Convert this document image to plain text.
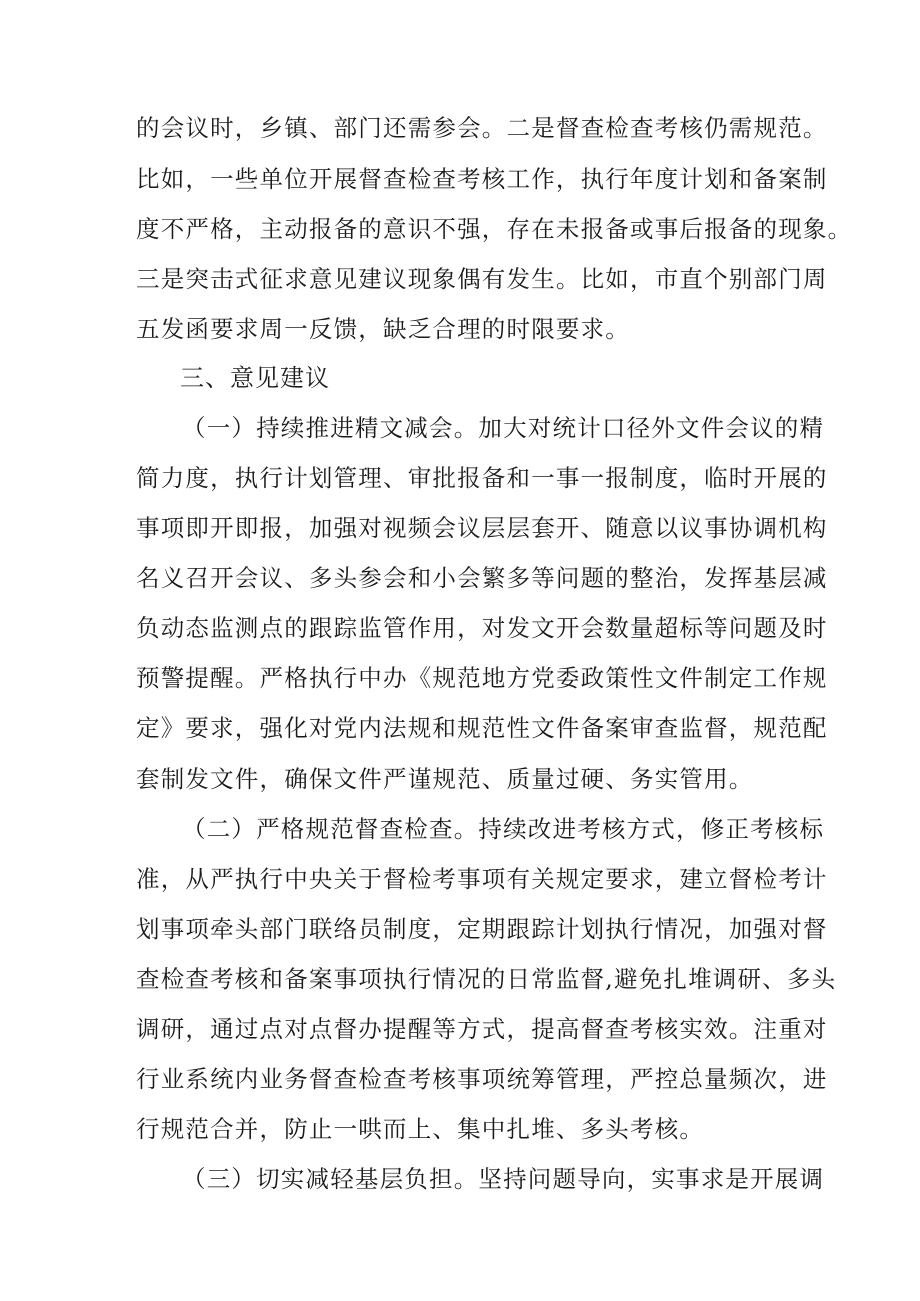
的会议时，乡镇、部门还需参会。二是督查检查考核仍需规范。
比如，一些单位开展督查检查考核工作，执行年度计划和备案制
度不严格，主动报备的意识不强，存在未报备或事后报备的现象。
三是突击式征求意见建议现象偶有发生。比如，市直个别部门周
五发函要求周一反馈，缺乏合理的时限要求。
三、意见建议
（一）持续推进精文减会。加大对统计口径外文件会议的精
简力度，执行计划管理、审批报备和一事一报制度，临时开展的
事项即开即报，加强对视频会议层层套开、随意以议事协调机构
名义召开会议、多头参会和小会繁多等问题的整治，发挥基层减
负动态监测点的跟踪监管作用，对发文开会数量超标等问题及时
预警提醒。严格执行中办《规范地方党委政策性文件制定工作规
定》要求，强化对党内法规和规范性文件备案审查监督，规范配
套制发文件，确保文件严谨规范、质量过硬、务实管用。
（二）严格规范督查检查。持续改进考核方式，修正考核标
准，从严执行中央关于督检考事项有关规定要求，建立督检考计
划事项牵头部门联络员制度，定期跟踪计划执行情况，加强对督
查检查考核和备案事项执行情况的日常监督,避免扎堆调研、多头
调研，通过点对点督办提醒等方式，提高督查考核实效。注重对
行业系统内业务督查检查考核事项统筹管理，严控总量频次，进
行规范合并，防止一哄而上、集中扎堆、多头考核。
（三）切实减轻基层负担。坚持问题导向，实事求是开展调
